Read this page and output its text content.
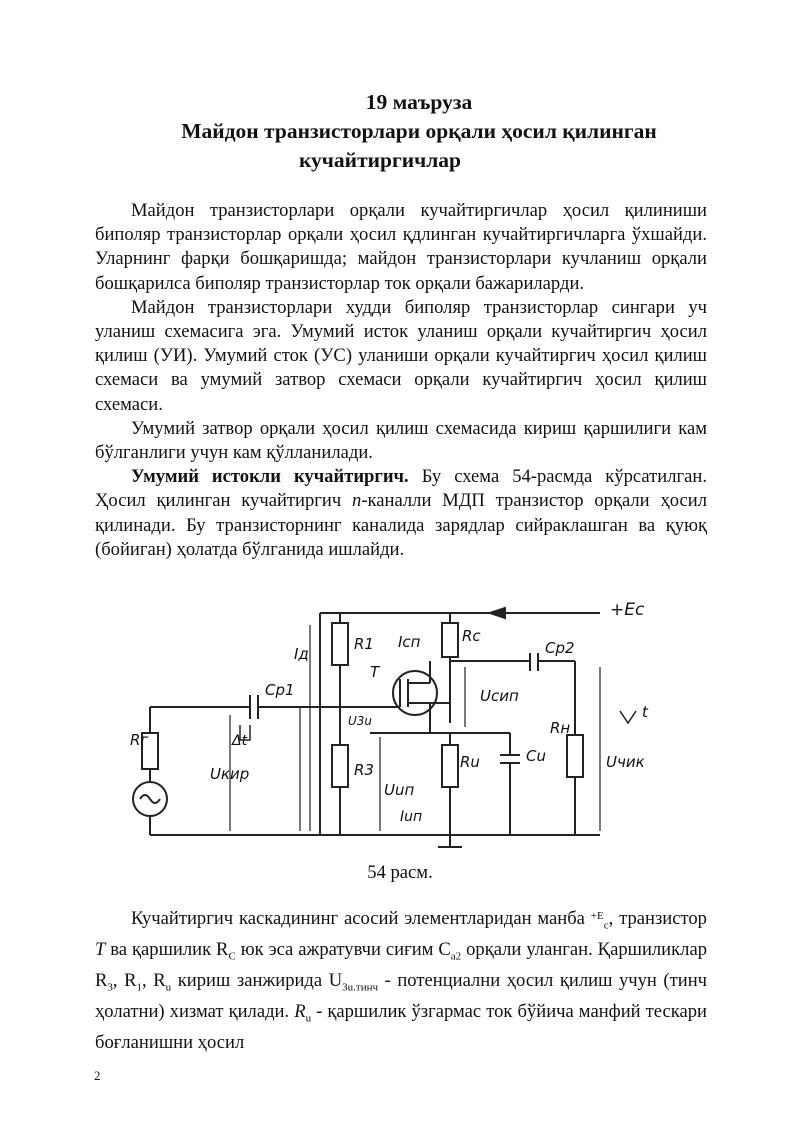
19 маъруза
Майдон транзисторлари орқали ҳосил қилинган
кучайтиргичлар

Майдон транзисторлари орқали кучайтиргичлар ҳосил қилиниши биполяр транзисторлар орқали ҳосил қдлинган кучайтиргичларга ўхшайди. Уларнинг фарқи бошқаришда; майдон транзисторлари кучланиш орқали бошқарилса биполяр транзисторлар ток орқали бажариларди.

Майдон транзисторлари худди биполяр транзисторлар сингари уч уланиш схемасига эга. Умумий исток уланиш орқали кучайтиргич ҳосил қилиш (УИ). Умумий сток (УС) уланиши орқали кучайтиргич ҳосил қилиш схемаси ва умумий затвор схемаси орқали кучайтиргич ҳосил қилиш схемаси.

Умумий затвор орқали ҳосил қилиш схемасида кириш қаршилиги кам бўлганлиги учун кам қўлланилади.

Умумий истокли кучайтиргич. Бу схема 54-расмда кўрсатилган. Ҳосил қилинган кучайтиргич n-каналли МДП транзистор орқали ҳосил қилинади. Бу транзисторнинг каналида зарядлар сийраклашган ва қуюқ (бойиган) ҳолатда бўлганида ишлайди.

+Eс
R1 Iсп	Rc
Cp2
Iд
T
Cp1	Uсип
U3u
Rг
R3	Ru	Cu
Rн
Uчик
Uкир
Uuп
Iuп
Δt
t
54 расм.

Кучайтиргич каскадининг асосий элементларидан манба $^{+Е}_с$, транзистор T ва қаршилик $R_C$ юк эса ажратувчи сиғим $C_{а2}$ орқали уланган. Қаршиликлар $R_3$, $R_1$, $R_u$ кириш занжирида $U_{3u.тинч}$ - потенциални ҳосил қилиш учун (тинч ҳолатни) хизмат қилади. $R_u$ - қаршилик ўзгармас ток бўйича манфий тескари боғланишни ҳосил

2
